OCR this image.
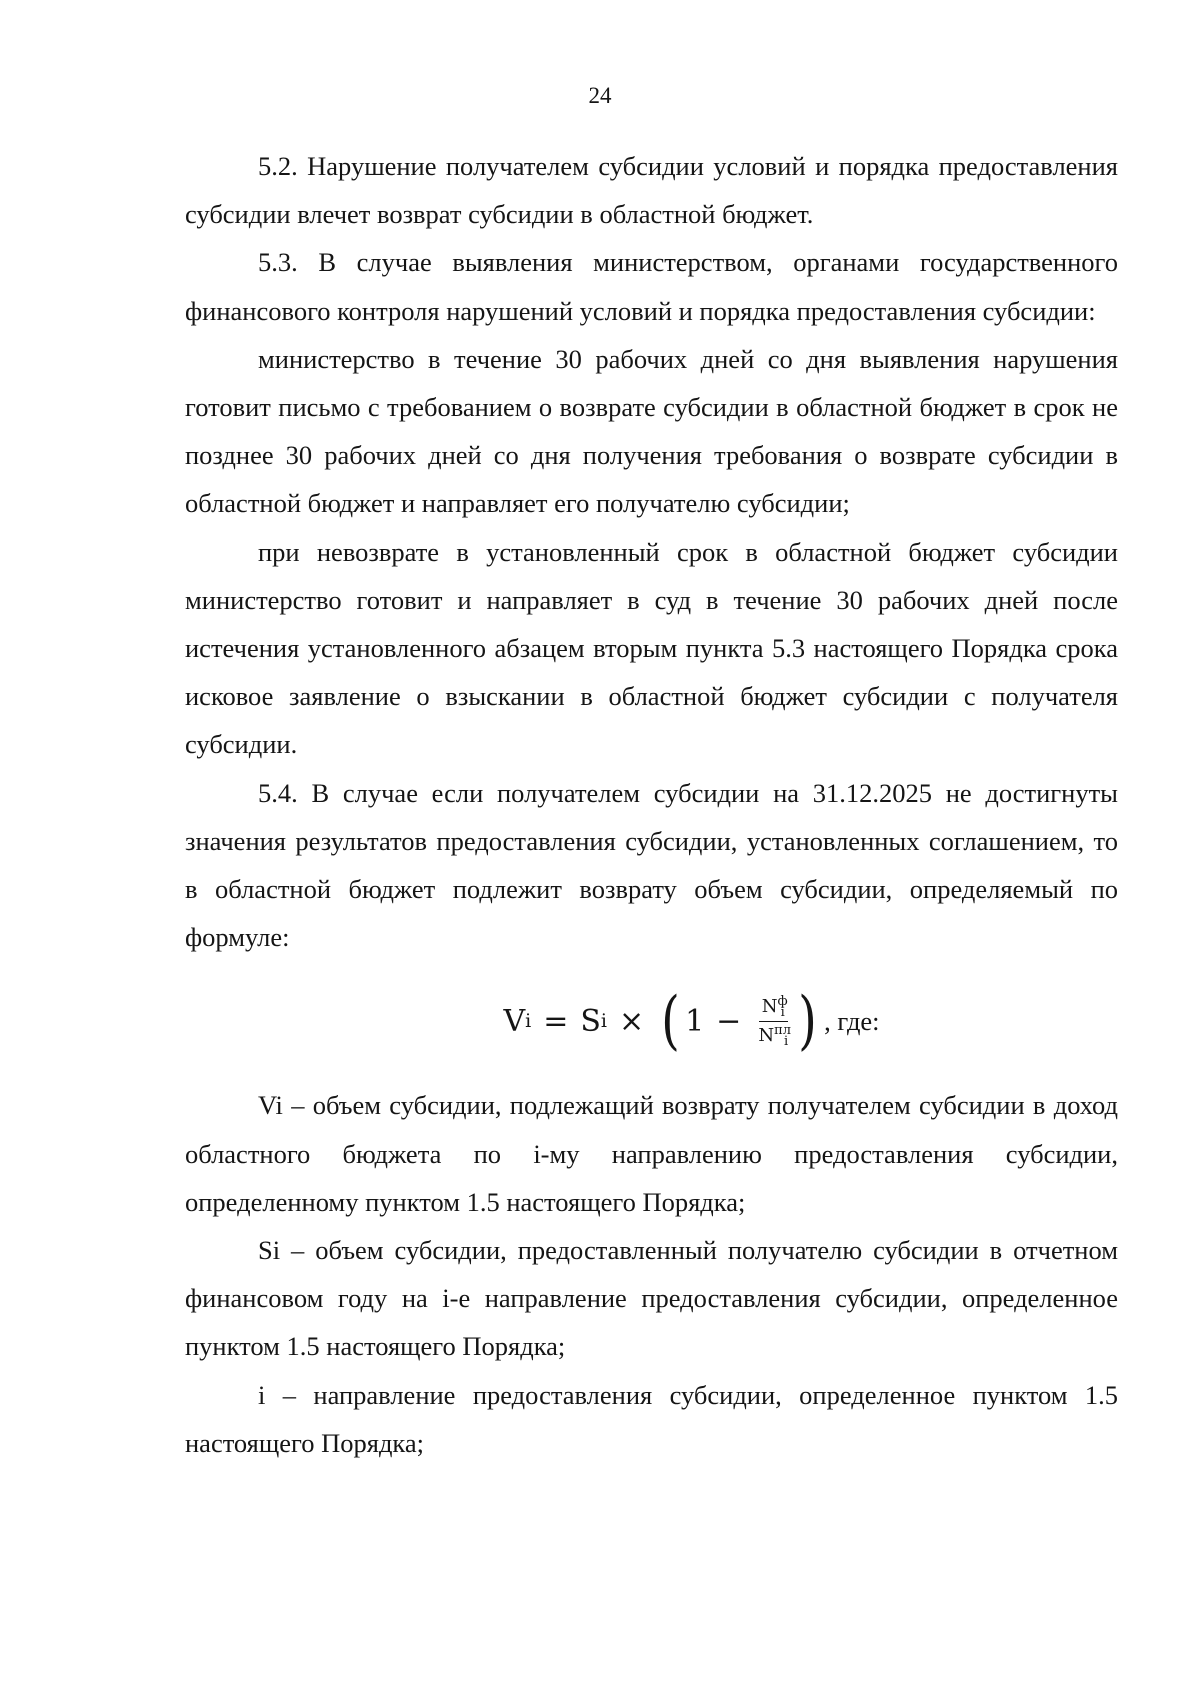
24

5.2. Нарушение получателем субсидии условий и порядка предоставления субсидии влечет возврат субсидии в областной бюджет.

5.3. В случае выявления министерством, органами государственного финансового контроля нарушений условий и порядка предоставления субсидии:

министерство в течение 30 рабочих дней со дня выявления нарушения готовит письмо с требованием о возврате субсидии в областной бюджет в срок не позднее 30 рабочих дней со дня получения требования о возврате субсидии в областной бюджет и направляет его получателю субсидии;

при невозврате в установленный срок в областной бюджет субсидии министерство готовит и направляет в суд в течение 30 рабочих дней после истечения установленного абзацем вторым пункта 5.3 настоящего Порядка срока исковое заявление о взыскании в областной бюджет субсидии с получателя субсидии.

5.4. В случае если получателем субсидии на 31.12.2025 не достигнуты значения результатов предоставления субсидии, установленных соглашением, то в областной бюджет подлежит возврату объем субсидии, определяемый по формуле:

V i = S i × ( $1 - \frac{N^ф_i}{N^{пл}_i}$ ) , где:

Vi – объем субсидии, подлежащий возврату получателем субсидии в доход областного бюджета по i-му направлению предоставления субсидии, определенному пунктом 1.5 настоящего Порядка;

Si – объем субсидии, предоставленный получателю субсидии в отчетном финансовом году на i-е направление предоставления субсидии, определенное пунктом 1.5 настоящего Порядка;

i – направление предоставления субсидии, определенное пунктом 1.5 настоящего Порядка;
